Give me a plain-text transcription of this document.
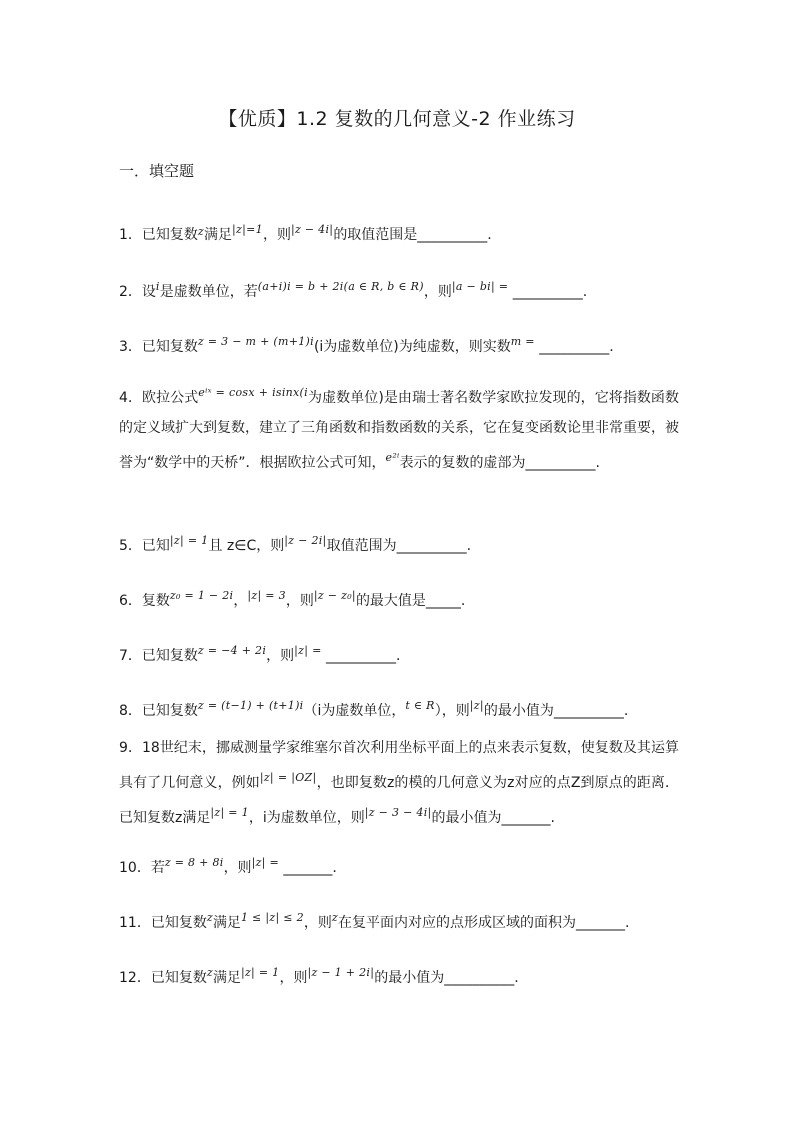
【优质】1.2 复数的几何意义-2 作业练习
一．填空题
1．已知复数$^z$满足$^{|z|=1}$，则$^{|z - 4i|}$的取值范围是__________.
2．设$^i$是虚数单位，若$^{(a+i)i = b + 2i(a \in R, b \in R)}$，则$^{|a - bi| =}$ __________.
3．已知复数$^{z = 3 - m + (m+1)i}$(i为虚数单位)为纯虚数，则实数$^{m =}$ __________.
4．欧拉公式$^{e^iˣ = cosx + isinx(i}$为虚数单位)是由瑞士著名数学家欧拉发现的，它将指数函数的定义域扩大到复数，建立了三角函数和指数函数的关系，它在复变函数论里非常重要，被誉为“数学中的天桥”．根据欧拉公式可知，$^{e^{2i}}$表示的复数的虚部为__________.
5．已知$^{|z| = 1}$且 z∈C，则$^{|z - 2i|}$取值范围为__________.
6．复数$^{z_0 = 1 - 2i}$，$^{|z| = 3}$，则$^{|z - z_0|}$的最大值是_____.
7．已知复数$^{z = -4 + 2i}$，则$^{|z| =}$ __________.
8．已知复数$^{z = (t-1) + (t+1)i}$（i为虚数单位，$^{t \in R}$），则$^{|z|}$的最小值为__________.
9．18世纪末，挪威测量学家维塞尔首次利用坐标平面上的点来表示复数，使复数及其运算具有了几何意义，例如$^{|z| = |OZ|}$，也即复数z的模的几何意义为z对应的点Z到原点的距离．已知复数z满足$^{|z| = 1}$，i为虚数单位，则$^{|z - 3 - 4i|}$的最小值为_______.
10．若$^{z = 8 + 8i}$，则$^{|z| =}$ _______.
11．已知复数$^z$满足$^{1 \le |z| \le 2}$，则$^z$在复平面内对应的点形成区域的面积为_______.
12．已知复数$^z$满足$^{|z| = 1}$，则$^{|z - 1 + 2i|}$的最小值为__________.
